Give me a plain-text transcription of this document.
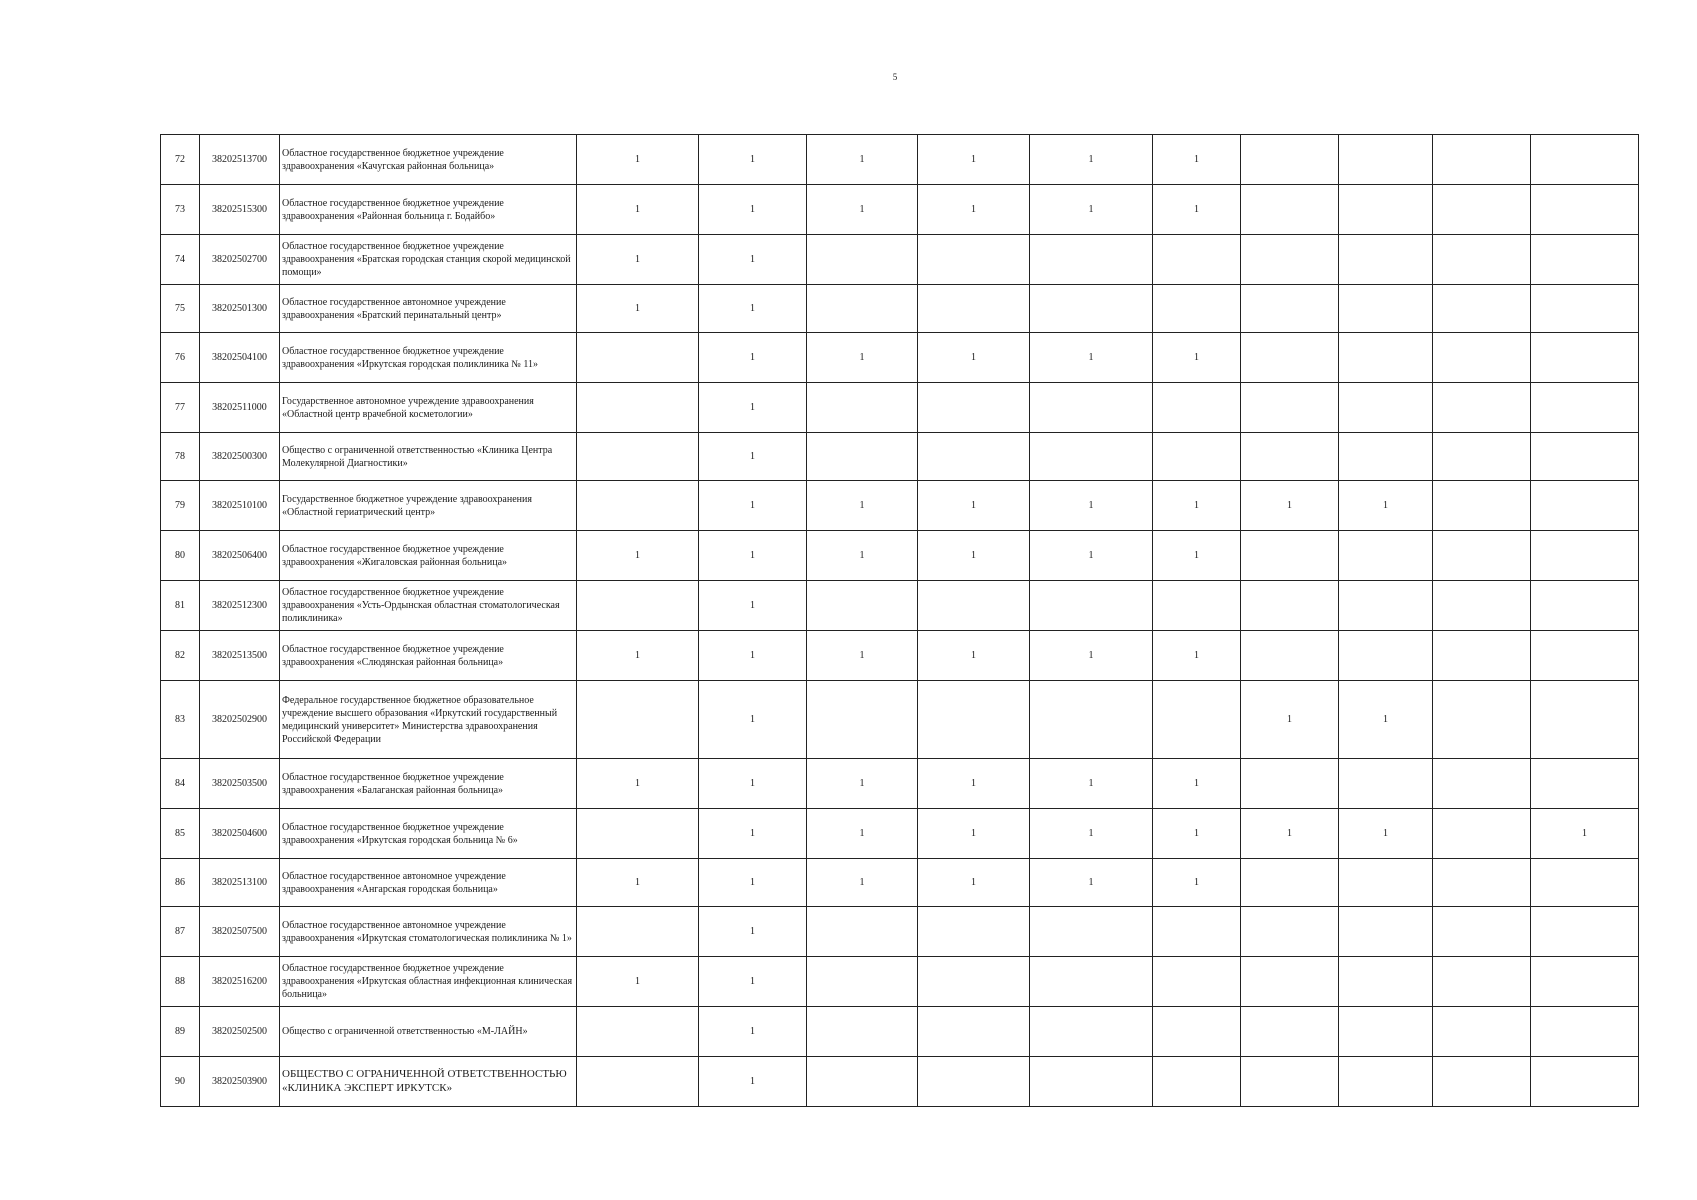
5
72	38202513700	Областное государственное бюджетное учреждение здравоохранения «Качугская районная больница»	1	1	1	1	1	1				
73	38202515300	Областное государственное бюджетное учреждение здравоохранения «Районная больница г. Бодайбо»	1	1	1	1	1	1				
74	38202502700	Областное государственное бюджетное учреждение здравоохранения «Братская городская станция скорой медицинской помощи»	1	1								
75	38202501300	Областное государственное автономное учреждение здравоохранения «Братский перинатальный центр»	1	1								
76	38202504100	Областное государственное бюджетное учреждение здравоохранения «Иркутская городская поликлиника № 11»		1	1	1	1	1				
77	38202511000	Государственное автономное учреждение здравоохранения «Областной центр врачебной косметологии»		1								
78	38202500300	Общество с ограниченной ответственностью «Клиника Центра Молекулярной Диагностики»		1								
79	38202510100	Государственное бюджетное учреждение здравоохранения «Областной гериатрический центр»		1	1	1	1	1	1	1		
80	38202506400	Областное государственное бюджетное учреждение здравоохранения «Жигаловская районная больница»	1	1	1	1	1	1				
81	38202512300	Областное государственное бюджетное учреждение здравоохранения «Усть-Ордынская областная стоматологическая поликлиника»		1								
82	38202513500	Областное государственное бюджетное учреждение здравоохранения «Слюдянская районная больница»	1	1	1	1	1	1				
83	38202502900	Федеральное государственное бюджетное образовательное учреждение высшего образования «Иркутский государственный медицинский университет» Министерства здравоохранения Российской Федерации		1					1	1		
84	38202503500	Областное государственное бюджетное учреждение здравоохранения «Балаганская районная больница»	1	1	1	1	1	1				
85	38202504600	Областное государственное бюджетное учреждение здравоохранения «Иркутская городская больница № 6»		1	1	1	1	1	1	1		1
86	38202513100	Областное государственное автономное учреждение здравоохранения «Ангарская городская больница»	1	1	1	1	1	1				
87	38202507500	Областное государственное автономное учреждение здравоохранения «Иркутская стоматологическая поликлиника № 1»		1								
88	38202516200	Областное государственное бюджетное учреждение здравоохранения «Иркутская областная инфекционная клиническая больница»	1	1								
89	38202502500	Общество с ограниченной ответственностью «М-ЛАЙН»		1								
90	38202503900	ОБЩЕСТВО С ОГРАНИЧЕННОЙ ОТВЕТСТВЕННОСТЬЮ «КЛИНИКА ЭКСПЕРТ ИРКУТСК»		1								
